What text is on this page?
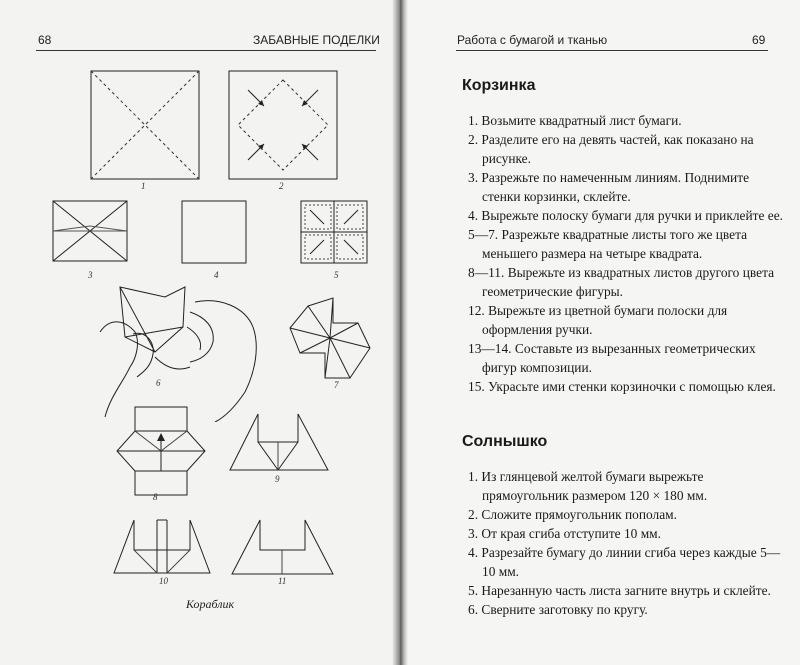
68	ЗАБАВНЫЕ ПОДЕЛКИ
1	2
3	4	5
6	7
8
9
10	11
Кораблик
Работа с бумагой и тканью	69
Корзинка
1. Возьмите квадратный лист бумаги.
2. Разделите его на девять частей, как показано на рисунке.
3. Разрежьте по намеченным линиям. Поднимите стенки корзинки, склейте.
4. Вырежьте полоску бумаги для ручки и приклейте ее.
5—7. Разрежьте квадратные листы того же цвета меньшего размера на четыре квадрата.
8—11. Вырежьте из квадратных листов другого цвета геометрические фигуры.
12. Вырежьте из цветной бумаги полоски для оформления ручки.
13—14. Составьте из вырезанных геометрических фигур композиции.
15. Украсьте ими стенки корзиночки с помощью клея.
Солнышко
1. Из глянцевой желтой бумаги вырежьте прямоугольник размером 120 × 180 мм.
2. Сложите прямоугольник пополам.
3. От края сгиба отступите 10 мм.
4. Разрезайте бумагу до линии сгиба через каждые 5—10 мм.
5. Нарезанную часть листа загните внутрь и склейте.
6. Сверните заготовку по кругу.
